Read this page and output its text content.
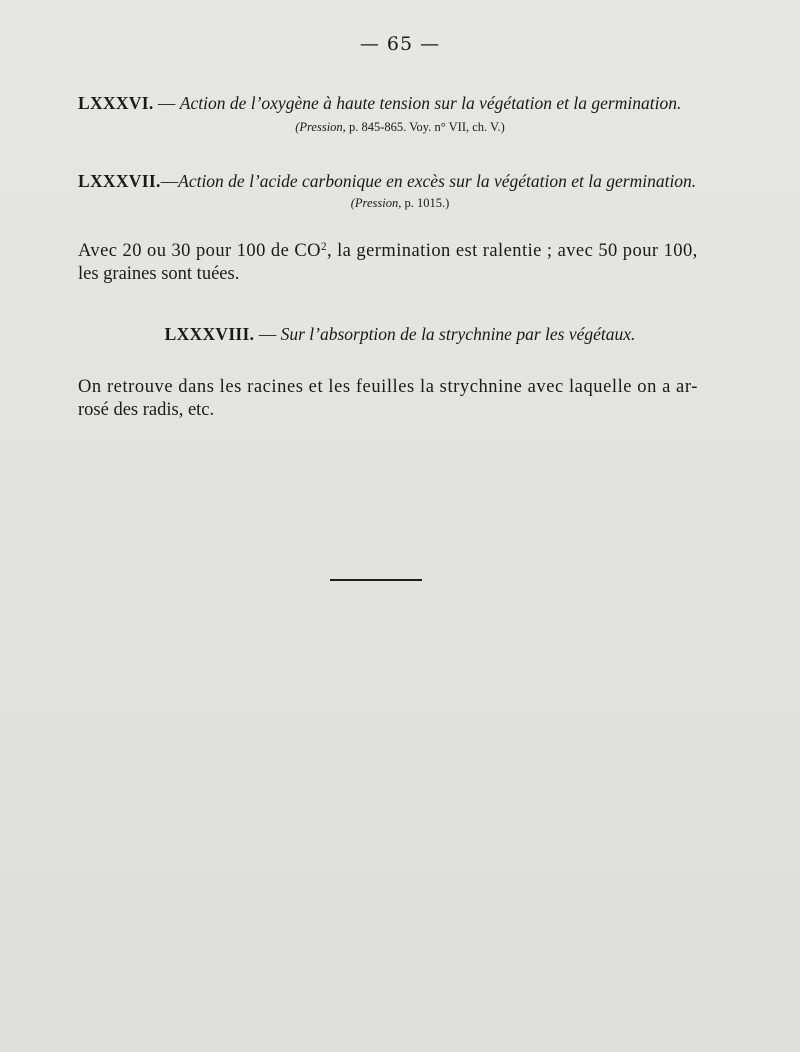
— 65 —
LXXXVI. — Action de l’oxygène à haute tension sur la végétation et la germination.
(Pression, p. 845-865. Voy. n° VII, ch. V.)
LXXXVII.—Action de l’acide carbonique en excès sur la végétation et la germination.
(Pression, p. 1015.)
Avec 20 ou 30 pour 100 de $CO^2$, la germination est ralentie ; avec 50 pour 100,
les graines sont tuées.
LXXXVIII. — Sur l’absorption de la strychnine par les végétaux.
On retrouve dans les racines et les feuilles la strychnine avec laquelle on a ar-
rosé des radis, etc.
